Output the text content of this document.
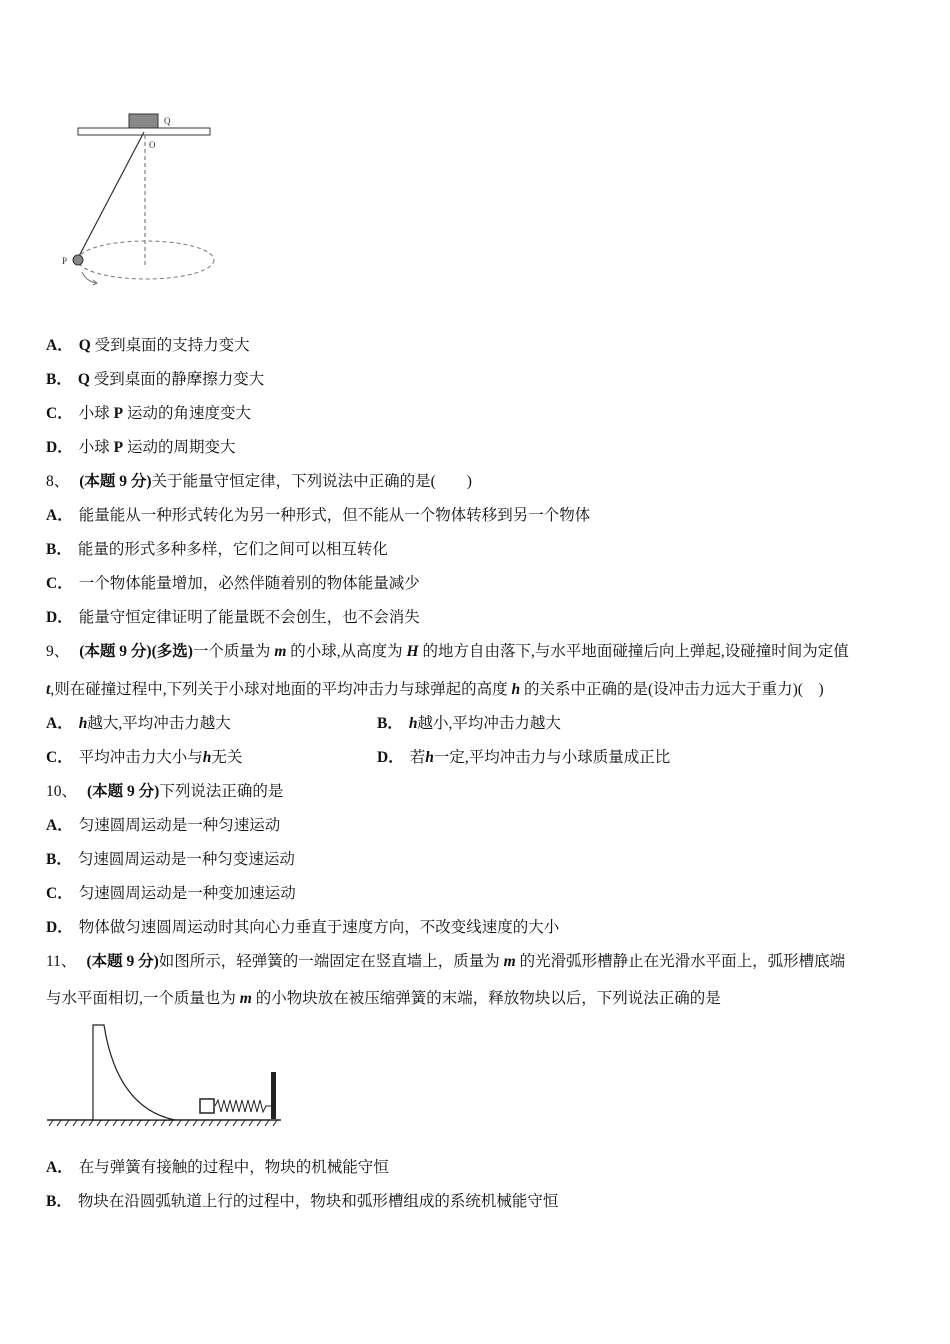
Q
O
P
A． Q 受到桌面的支持力变大
B． Q 受到桌面的静摩擦力变大
C． 小球 P 运动的角速度变大
D． 小球 P 运动的周期变大
8、 (本题 9 分)关于能量守恒定律，下列说法中正确的是(　　)
A． 能量能从一种形式转化为另一种形式，但不能从一个物体转移到另一个物体
B． 能量的形式多种多样，它们之间可以相互转化
C． 一个物体能量增加，必然伴随着别的物体能量减少
D． 能量守恒定律证明了能量既不会创生，也不会消失
9、 (本题 9 分)(多选)一个质量为 m 的小球,从高度为 H 的地方自由落下,与水平地面碰撞后向上弹起,设碰撞时间为定值
t,则在碰撞过程中,下列关于小球对地面的平均冲击力与球弹起的高度 h 的关系中正确的是(设冲击力远大于重力)(　)
A． h越大,平均冲击力越大	B． h越小,平均冲击力越大
C． 平均冲击力大小与h无关	D． 若h一定,平均冲击力与小球质量成正比
10、 (本题 9 分)下列说法正确的是
A． 匀速圆周运动是一种匀速运动
B． 匀速圆周运动是一种匀变速运动
C． 匀速圆周运动是一种变加速运动
D． 物体做匀速圆周运动时其向心力垂直于速度方向，不改变线速度的大小
11、 (本题 9 分)如图所示，轻弹簧的一端固定在竖直墙上，质量为 m 的光滑弧形槽静止在光滑水平面上，弧形槽底端
与水平面相切,一个质量也为 m 的小物块放在被压缩弹簧的末端，释放物块以后，下列说法正确的是
A． 在与弹簧有接触的过程中，物块的机械能守恒
B． 物块在沿圆弧轨道上行的过程中，物块和弧形槽组成的系统机械能守恒
